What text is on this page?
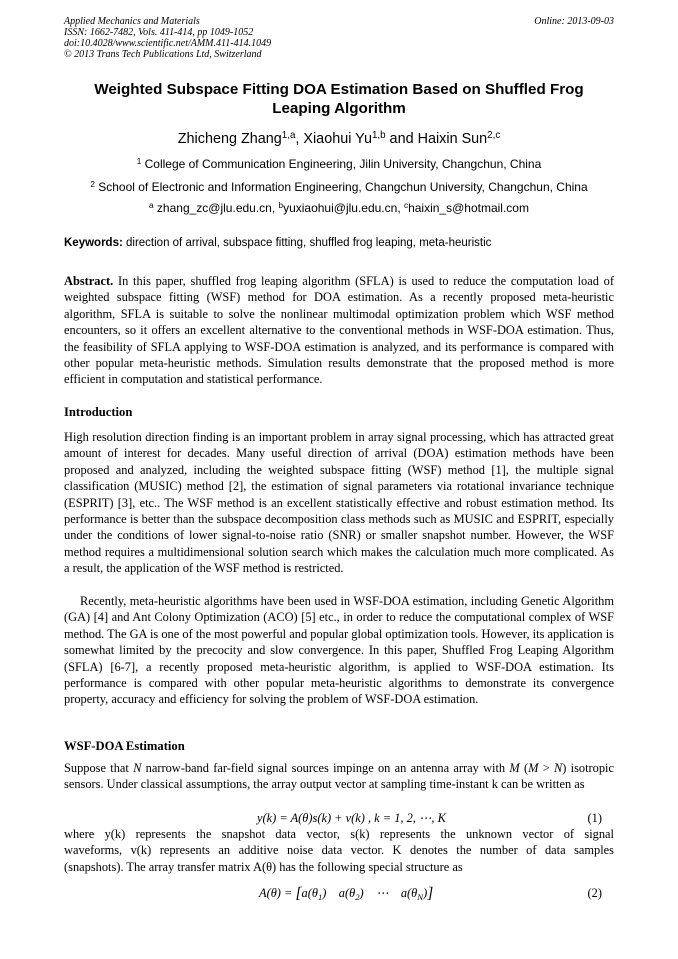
Applied Mechanics and Materials
ISSN: 1662-7482, Vols. 411-414, pp 1049-1052
doi:10.4028/www.scientific.net/AMM.411-414.1049
© 2013 Trans Tech Publications Ltd, Switzerland
Online: 2013-09-03
Weighted Subspace Fitting DOA Estimation Based on Shuffled Frog Leaping Algorithm
Zhicheng Zhang$^{1,a}$, Xiaohui Yu$^{1,b}$ and Haixin Sun$^{2,c}$
$^1$ College of Communication Engineering, Jilin University, Changchun, China
$^2$ School of Electronic and Information Engineering, Changchun University, Changchun, China
$^a$ zhang_zc@jlu.edu.cn, $^b$yuxiaohui@jlu.edu.cn, $^c$haixin_s@hotmail.com
Keywords: direction of arrival, subspace fitting, shuffled frog leaping, meta-heuristic
Abstract. In this paper, shuffled frog leaping algorithm (SFLA) is used to reduce the computation load of weighted subspace fitting (WSF) method for DOA estimation. As a recently proposed meta-heuristic algorithm, SFLA is suitable to solve the nonlinear multimodal optimization problem which WSF method encounters, so it offers an excellent alternative to the conventional methods in WSF-DOA estimation. Thus, the feasibility of SFLA applying to WSF-DOA estimation is analyzed, and its performance is compared with other popular meta-heuristic methods. Simulation results demonstrate that the proposed method is more efficient in computation and statistical performance.
Introduction
High resolution direction finding is an important problem in array signal processing, which has attracted great amount of interest for decades. Many useful direction of arrival (DOA) estimation methods have been proposed and analyzed, including the weighted subspace fitting (WSF) method [1], the multiple signal classification (MUSIC) method [2], the estimation of signal parameters via rotational invariance technique (ESPRIT) [3], etc.. The WSF method is an excellent statistically effective and robust estimation method. Its performance is better than the subspace decomposition class methods such as MUSIC and ESPRIT, especially under the conditions of lower signal-to-noise ratio (SNR) or smaller snapshot number. However, the WSF method requires a multidimensional solution search which makes the calculation much more complicated. As a result, the application of the WSF method is restricted.
Recently, meta-heuristic algorithms have been used in WSF-DOA estimation, including Genetic Algorithm (GA) [4] and Ant Colony Optimization (ACO) [5] etc., in order to reduce the computational complex of WSF method. The GA is one of the most powerful and popular global optimization tools. However, its application is somewhat limited by the precocity and slow convergence. In this paper, Shuffled Frog Leaping Algorithm (SFLA) [6-7], a recently proposed meta-heuristic algorithm, is applied to WSF-DOA estimation. Its performance is compared with other popular meta-heuristic algorithms to demonstrate its convergence property, accuracy and efficiency for solving the problem of WSF-DOA estimation.
WSF-DOA Estimation
Suppose that N narrow-band far-field signal sources impinge on an antenna array with M (M > N) isotropic sensors. Under classical assumptions, the array output vector at sampling time-instant k can be written as
y(k) = A(θ)s(k) + v(k) , k = 1, 2, ⋯, K	(1)
where y(k) represents the snapshot data vector, s(k) represents the unknown vector of signal
waveforms, v(k) represents an additive noise data vector. K denotes the number of data samples
(snapshots). The array transfer matrix A(θ) has the following special structure as
$A(\theta) = [a(\theta_1)$    $a(\theta_2)$    ⋯ $a(\theta_N)$]	(2)
